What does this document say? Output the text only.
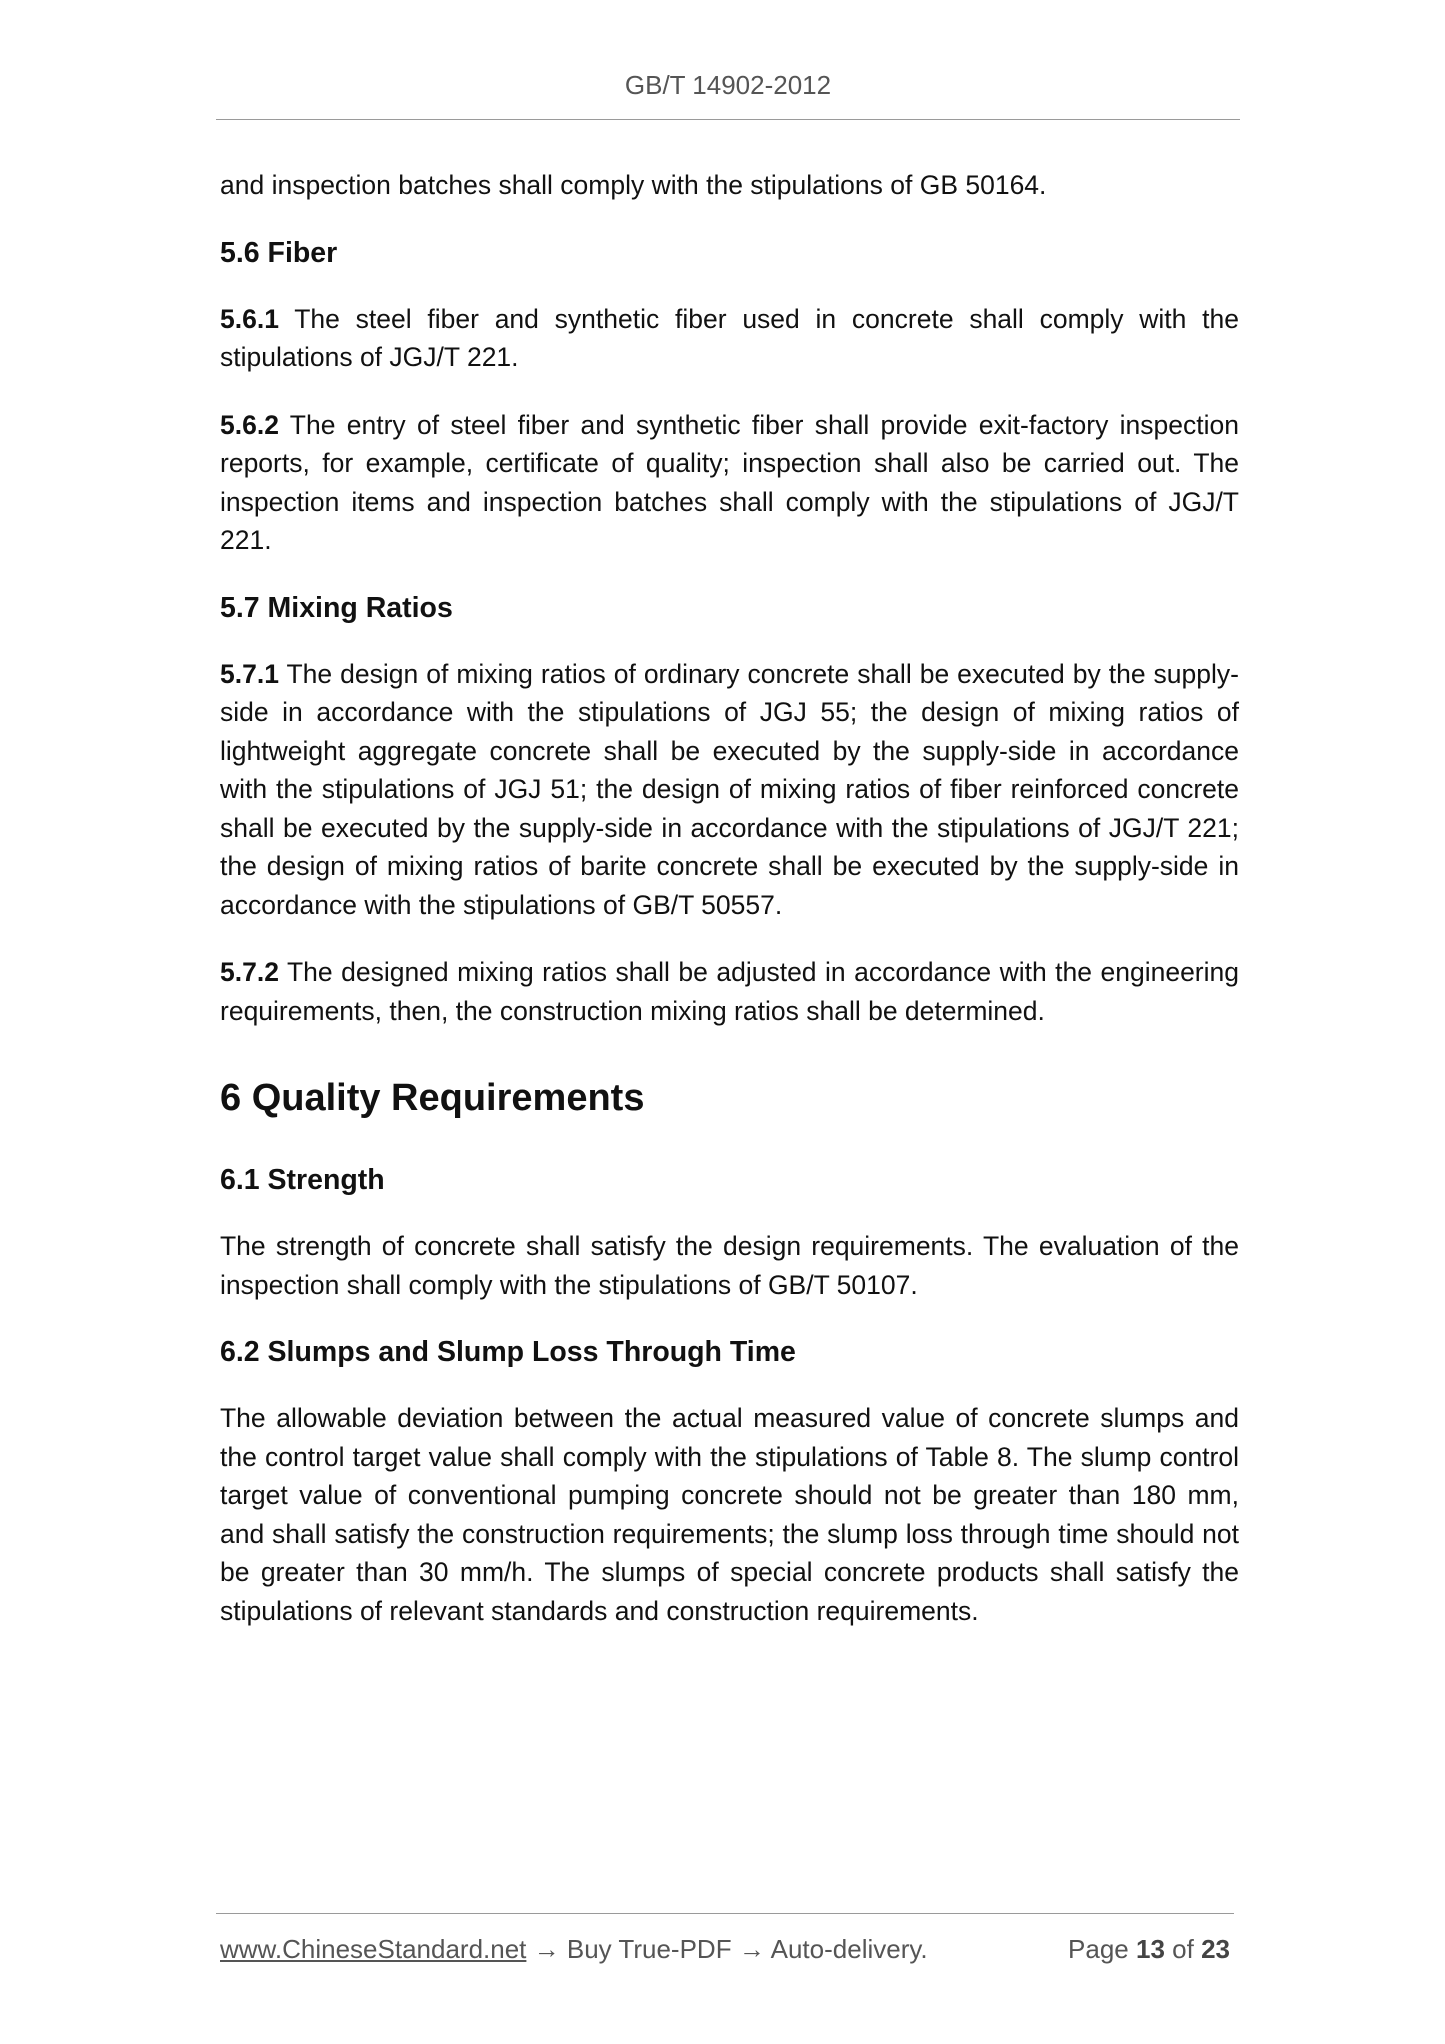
GB/T 14902-2012

and inspection batches shall comply with the stipulations of GB 50164.

5.6 Fiber

5.6.1 The steel fiber and synthetic fiber used in concrete shall comply with the stipulations of JGJ/T 221.

5.6.2 The entry of steel fiber and synthetic fiber shall provide exit-factory inspection reports, for example, certificate of quality; inspection shall also be carried out. The inspection items and inspection batches shall comply with the stipulations of JGJ/T 221.

5.7 Mixing Ratios

5.7.1 The design of mixing ratios of ordinary concrete shall be executed by the supply-side in accordance with the stipulations of JGJ 55; the design of mixing ratios of lightweight aggregate concrete shall be executed by the supply-side in accordance with the stipulations of JGJ 51; the design of mixing ratios of fiber reinforced concrete shall be executed by the supply-side in accordance with the stipulations of JGJ/T 221; the design of mixing ratios of barite concrete shall be executed by the supply-side in accordance with the stipulations of GB/T 50557.

5.7.2 The designed mixing ratios shall be adjusted in accordance with the engineering requirements, then, the construction mixing ratios shall be determined.

6 Quality Requirements
6.1 Strength

The strength of concrete shall satisfy the design requirements. The evaluation of the inspection shall comply with the stipulations of GB/T 50107.

6.2 Slumps and Slump Loss Through Time

The allowable deviation between the actual measured value of concrete slumps and the control target value shall comply with the stipulations of Table 8. The slump control target value of conventional pumping concrete should not be greater than 180 mm, and shall satisfy the construction requirements; the slump loss through time should not be greater than 30 mm/h. The slumps of special concrete products shall satisfy the stipulations of relevant standards and construction requirements.

www.ChineseStandard.net → Buy True-PDF → Auto-delivery.	Page 13 of 23
